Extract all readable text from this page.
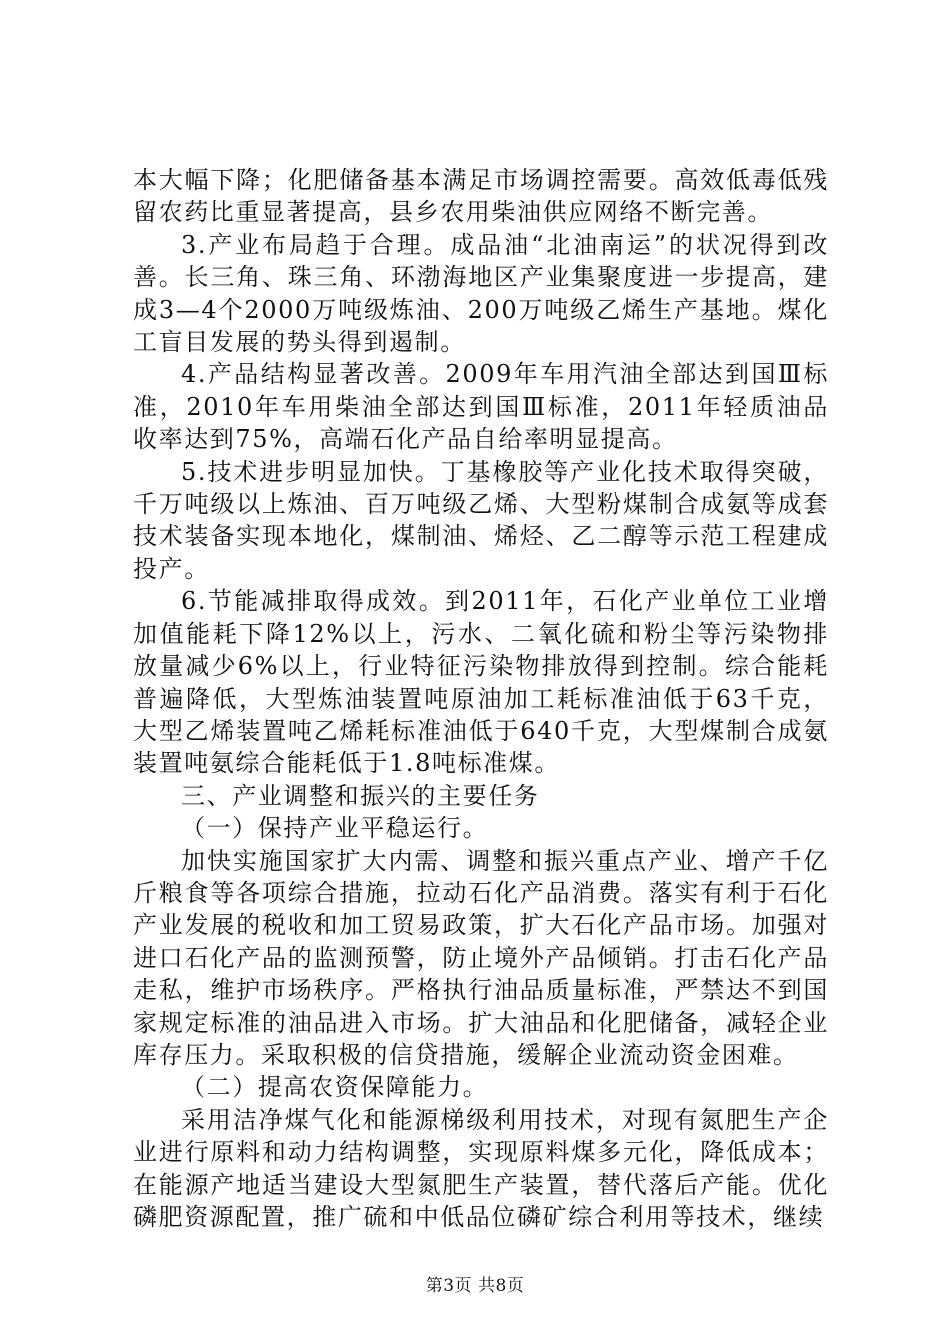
本大幅下降；化肥储备基本满足市场调控需要。高效低毒低残留农药比重显著提高，县乡农用柴油供应网络不断完善。

3.产业布局趋于合理。成品油“北油南运”的状况得到改善。长三角、珠三角、环渤海地区产业集聚度进一步提高，建成3—4个2000万吨级炼油、200万吨级乙烯生产基地。煤化工盲目发展的势头得到遏制。

4.产品结构显著改善。2009年车用汽油全部达到国Ⅲ标准，2010年车用柴油全部达到国Ⅲ标准，2011年轻质油品收率达到75%，高端石化产品自给率明显提高。

5.技术进步明显加快。丁基橡胶等产业化技术取得突破，千万吨级以上炼油、百万吨级乙烯、大型粉煤制合成氨等成套技术装备实现本地化，煤制油、烯烃、乙二醇等示范工程建成投产。

6.节能减排取得成效。到2011年，石化产业单位工业增加值能耗下降12%以上，污水、二氧化硫和粉尘等污染物排放量减少6%以上，行业特征污染物排放得到控制。综合能耗普遍降低，大型炼油装置吨原油加工耗标准油低于63千克，大型乙烯装置吨乙烯耗标准油低于640千克，大型煤制合成氨装置吨氨综合能耗低于1.8吨标准煤。

三、产业调整和振兴的主要任务

（一）保持产业平稳运行。

加快实施国家扩大内需、调整和振兴重点产业、增产千亿斤粮食等各项综合措施，拉动石化产品消费。落实有利于石化产业发展的税收和加工贸易政策，扩大石化产品市场。加强对进口石化产品的监测预警，防止境外产品倾销。打击石化产品走私，维护市场秩序。严格执行油品质量标准，严禁达不到国家规定标准的油品进入市场。扩大油品和化肥储备，减轻企业库存压力。采取积极的信贷措施，缓解企业流动资金困难。

（二）提高农资保障能力。

采用洁净煤气化和能源梯级利用技术，对现有氮肥生产企业进行原料和动力结构调整，实现原料煤多元化，降低成本；在能源产地适当建设大型氮肥生产装置，替代落后产能。优化磷肥资源配置，推广硫和中低品位磷矿综合利用等技术，继续

第3页 共8页
